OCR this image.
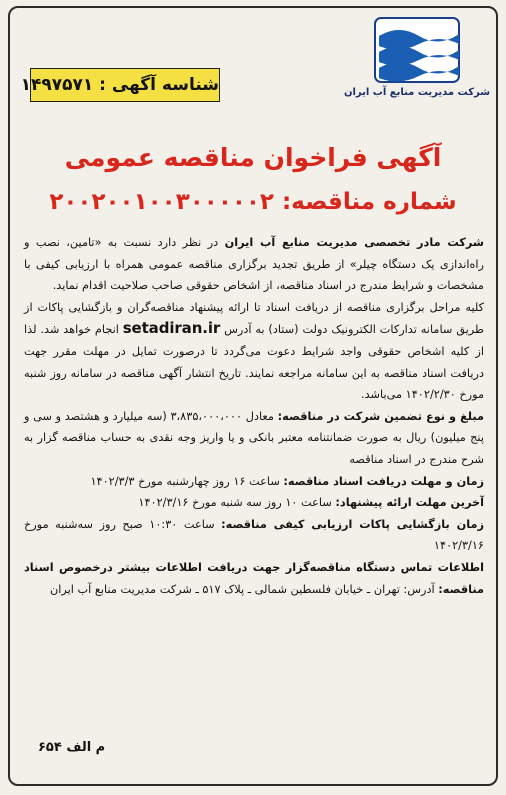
شرکت مدیریت منابع آب ایران
شناسه آگهی : ۱۴۹۷۵۷۱
آگهی فراخوان مناقصه عمومی
شماره مناقصه: ۲۰۰۲۰۰۱۰۰۳۰۰۰۰۰۲

شرکت مادر تخصصی مدیریت منابع آب ایران در نظر دارد نسبت به «تامین، نصب و راه‌اندازی یک دستگاه چیلر» از طریق تجدید برگزاری مناقصه عمومی همراه با ارزیابی کیفی با مشخصات و شرایط مندرج در اسناد مناقصه، از اشخاص حقوقی صاحب صلاحیت اقدام نماید.

کلیه مراحل برگزاری مناقصه از دریافت اسناد تا ارائه پیشنهاد مناقصه‌گران و بازگشایی پاکات از طریق سامانه تدارکات الکترونیک دولت (ستاد) به آدرس setadiran.ir انجام خواهد شد. لذا از کلیه اشخاص حقوقی واجد شرایط دعوت می‌گردد تا درصورت تمایل در مهلت مقرر جهت دریافت اسناد مناقصه به این سامانه مراجعه نمایند. تاریخ انتشار آگهی مناقصه در سامانه روز شنبه مورخ ۱۴۰۲/۲/۳۰ می‌باشد.

مبلغ و نوع تضمین شرکت در مناقصه: معادل ۳،۸۳۵،۰۰۰،۰۰۰ (سه میلیارد و هشتصد و سی و پنج میلیون) ریال به صورت ضمانتنامه معتبر بانکی و یا واریز وجه نقدی به حساب مناقصه گزار به شرح مندرج در اسناد مناقصه

زمان و مهلت دریافت اسناد مناقصه: ساعت ۱۶ روز چهارشنبه مورخ ۱۴۰۲/۳/۳

آخرین مهلت ارائه پیشنهاد: ساعت ۱۰ روز سه شنبه مورخ ۱۴۰۲/۳/۱۶

زمان بازگشایی پاکات ارزیابی کیفی مناقصه: ساعت ۱۰:۳۰ صبح روز سه‌شنبه مورخ ۱۴۰۲/۳/۱۶

اطلاعات تماس دستگاه مناقصه‌گزار جهت دریافت اطلاعات بیشتر درخصوص اسناد مناقصه: آدرس: تهران ـ خیابان فلسطین شمالی ـ پلاک ۵۱۷ ـ شرکت مدیریت منابع آب ایران

م الف ۶۵۴
